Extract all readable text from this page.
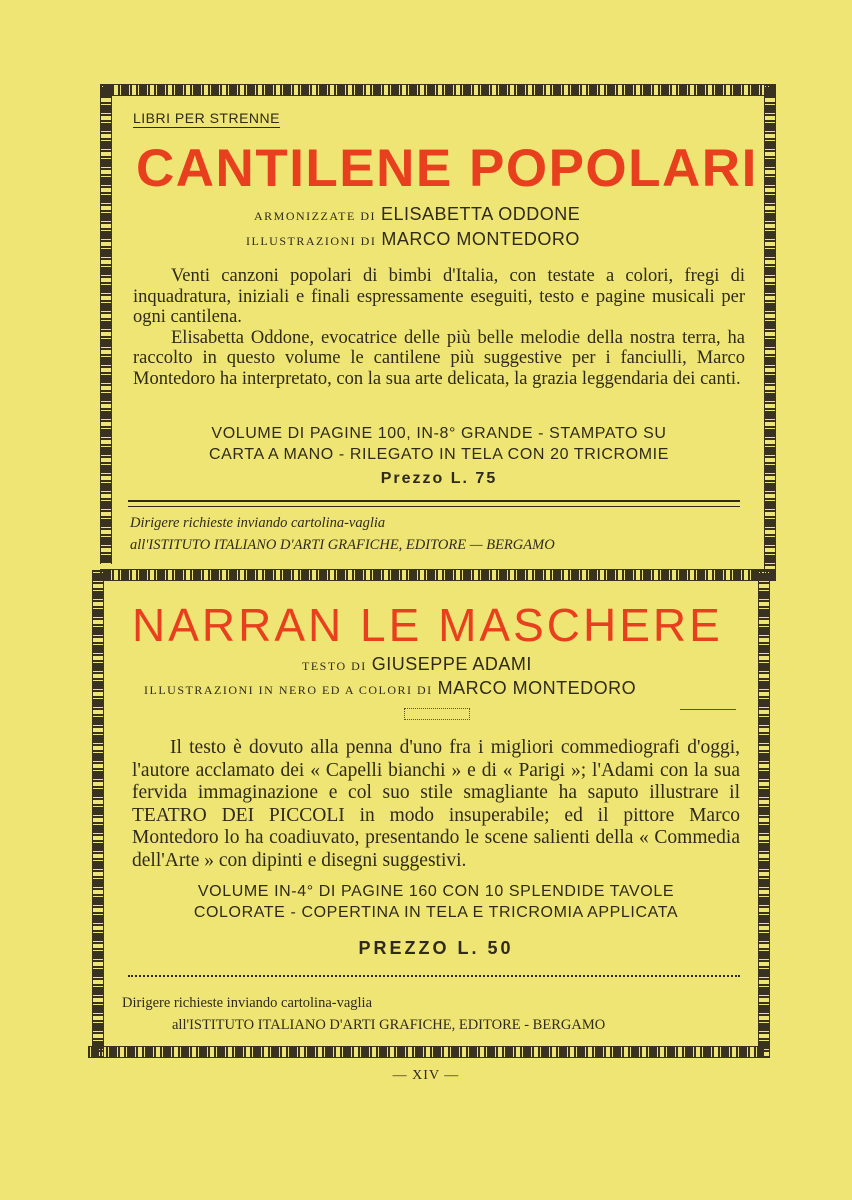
LIBRI PER STRENNE
CANTILENE POPOLARI
ARMONIZZATE DI ELISABETTA ODDONE
ILLUSTRAZIONI DI MARCO MONTEDORO

Venti canzoni popolari di bimbi d'Italia, con testate a colori, fregi di inquadratura, iniziali e finali espressamente eseguiti, testo e pagine musicali per ogni cantilena.

Elisabetta Oddone, evocatrice delle più belle melodie della nostra terra, ha raccolto in questo volume le cantilene più suggestive per i fanciulli, Marco Montedoro ha interpretato, con la sua arte delicata, la grazia leggendaria dei canti.

VOLUME DI PAGINE 100, IN-8° GRANDE - STAMPATO SU
CARTA A MANO - RILEGATO IN TELA CON 20 TRICROMIE
Prezzo L. 75
Dirigere richieste inviando cartolina-vaglia
all'ISTITUTO ITALIANO D'ARTI GRAFICHE, EDITORE — BERGAMO
NARRAN LE MASCHERE
TESTO DI GIUSEPPE ADAMI
ILLUSTRAZIONI IN NERO ED A COLORI DI MARCO MONTEDORO

Il testo è dovuto alla penna d'uno fra i migliori commediografi d'oggi, l'autore acclamato dei « Capelli bianchi » e di « Parigi »; l'Adami con la sua fervida immaginazione e col suo stile smagliante ha saputo illustrare il TEATRO DEI PICCOLI in modo insuperabile; ed il pittore Marco Montedoro lo ha coadiuvato, presentando le scene salienti della « Commedia dell'Arte » con dipinti e disegni suggestivi.

VOLUME IN-4° DI PAGINE 160 CON 10 SPLENDIDE TAVOLE
COLORATE - COPERTINA IN TELA E TRICROMIA APPLICATA
PREZZO L. 50
Dirigere richieste inviando cartolina-vaglia
all'ISTITUTO ITALIANO D'ARTI GRAFICHE, EDITORE - BERGAMO
— XIV —
